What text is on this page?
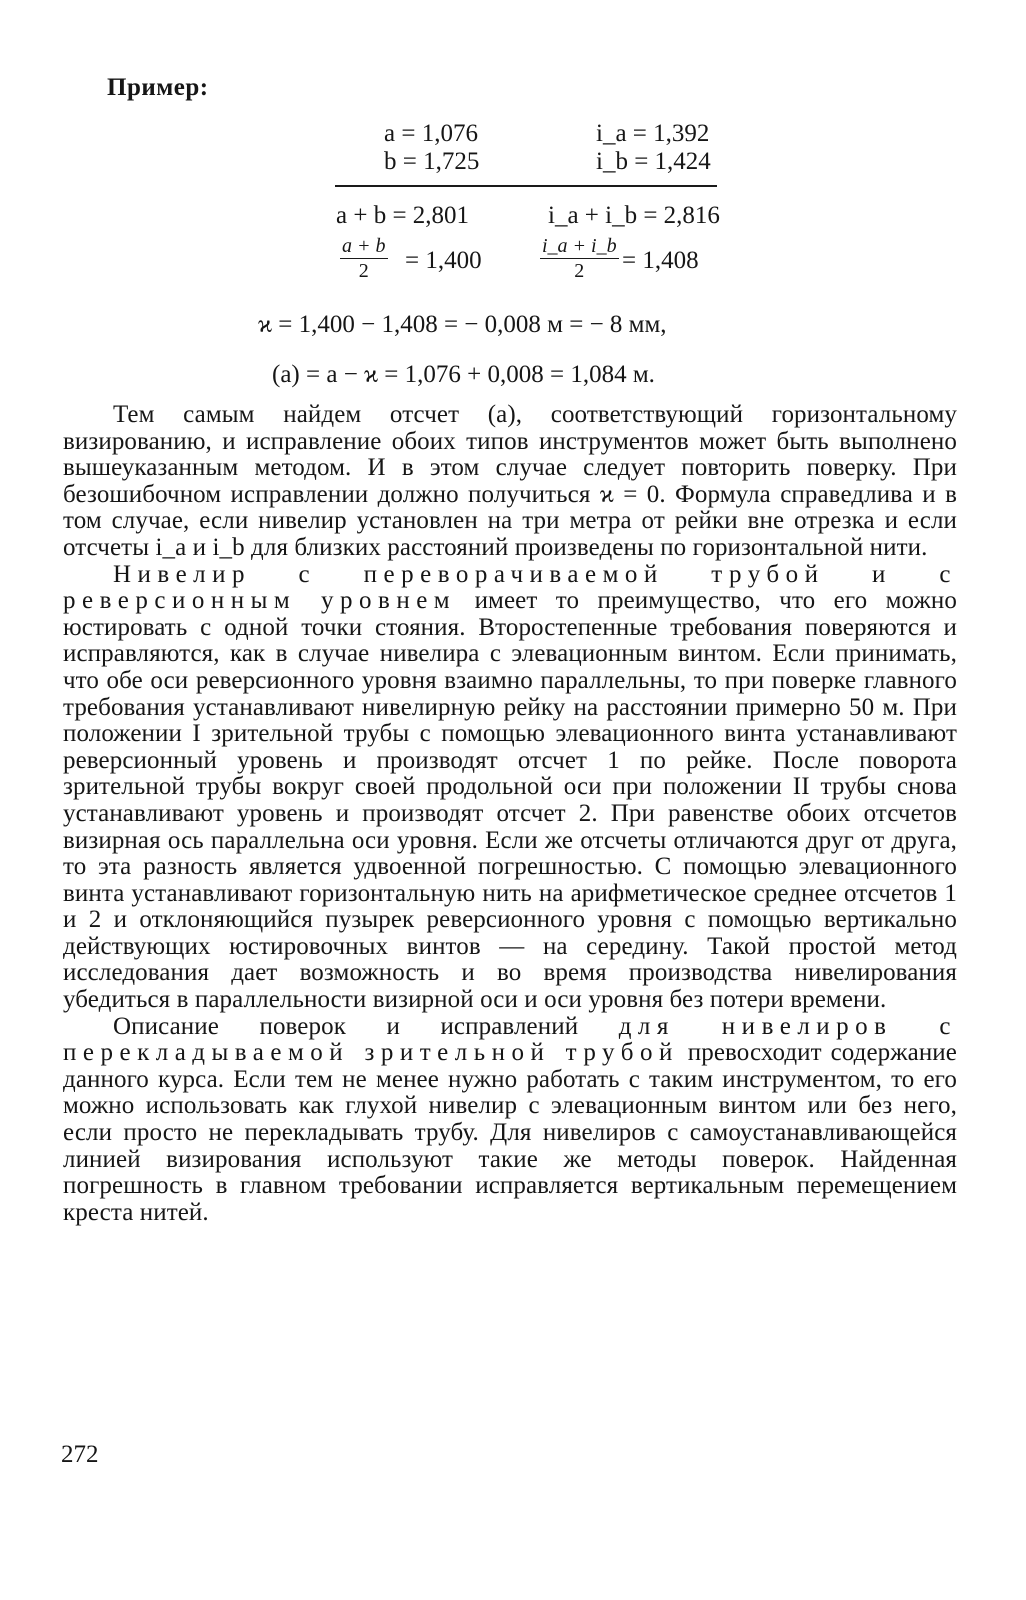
Пример:
a = 1,076	i_a = 1,392
b = 1,725	i_b = 1,424
a + b = 2,801	i_a + i_b = 2,816
$\frac{a + b}{2} = 1,400$	$\frac{i\_a + i\_b}{2} = 1,408$
ϰ = 1,400 − 1,408 = − 0,008 м = − 8 мм,
(a) = a − ϰ = 1,076 + 0,008 = 1,084 м.

Тем самым найдем отсчет (a), соответствующий горизонтальному визированию, и исправление обоих типов инструментов может быть выполнено вышеуказанным методом. И в этом случае следует повторить поверку. При безошибочном исправлении должно получиться ϰ = 0. Формула справедлива и в том случае, если нивелир установлен на три метра от рейки вне отрезка и если отсчеты i_a и i_b для близких расстояний произведены по горизонтальной нити.

Нивелир с переворачиваемой трубой и с реверсионным уровнем имеет то преимущество, что его можно юстировать с одной точки стояния. Второстепенные требования поверяются и исправляются, как в случае нивелира с элевационным винтом. Если принимать, что обе оси реверсионного уровня взаимно параллельны, то при поверке главного требования устанавливают нивелирную рейку на расстоянии примерно 50 м. При положении I зрительной трубы с помощью элевационного винта устанавливают реверсионный уровень и производят отсчет 1 по рейке. После поворота зрительной трубы вокруг своей продольной оси при положении II трубы снова устанавливают уровень и производят отсчет 2. При равенстве обоих отсчетов визирная ось параллельна оси уровня. Если же отсчеты отличаются друг от друга, то эта разность является удвоенной погрешностью. С помощью элевационного винта устанавливают горизонтальную нить на арифметическое среднее отсчетов 1 и 2 и отклоняющийся пузырек реверсионного уровня с помощью вертикально действующих юстировочных винтов — на середину. Такой простой метод исследования дает возможность и во время производства нивелирования убедиться в параллельности визирной оси и оси уровня без потери времени.

Описание поверок и исправлений для нивелиров с перекладываемой зрительной трубой превосходит содержание данного курса. Если тем не менее нужно работать с таким инструментом, то его можно использовать как глухой нивелир с элевационным винтом или без него, если просто не перекладывать трубу. Для нивелиров с самоустанавливающейся линией визирования используют такие же методы поверок. Найденная погрешность в главном требовании исправляется вертикальным перемещением креста нитей.

272
